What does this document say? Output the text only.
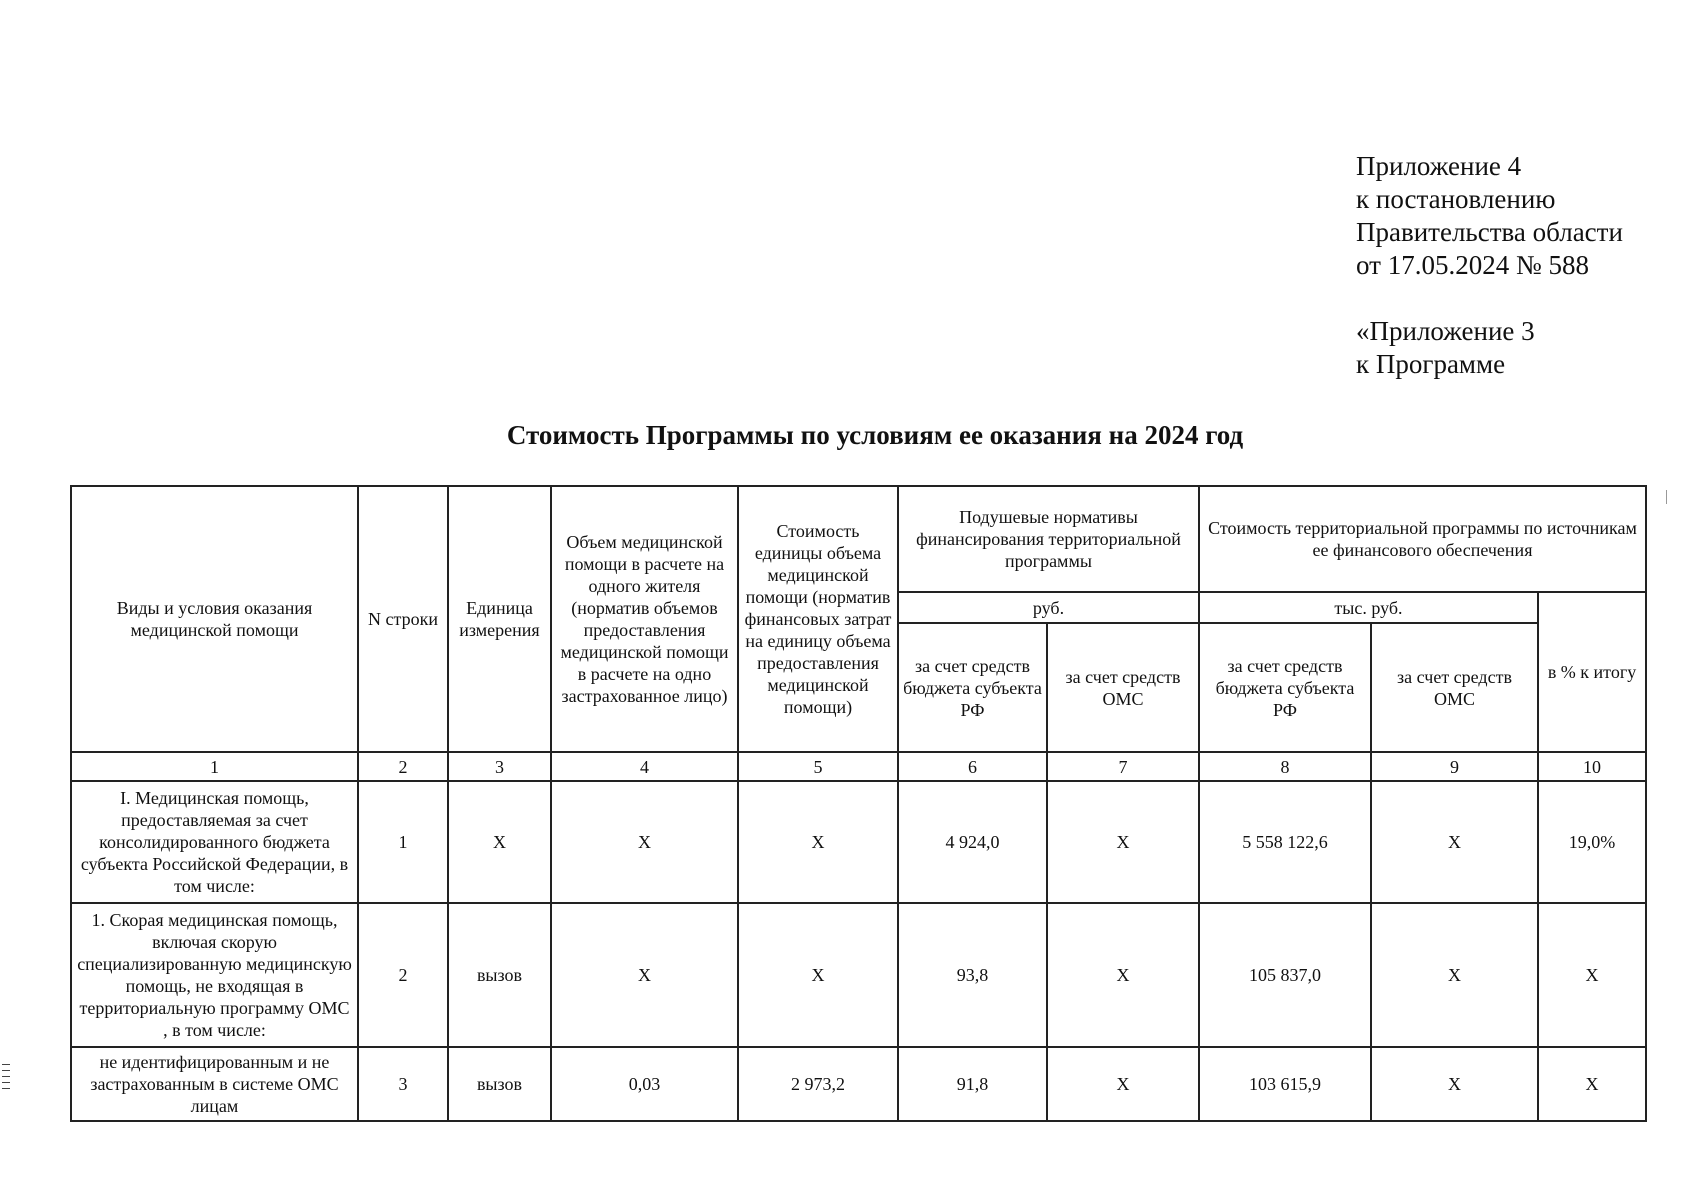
Приложение 4
к постановлению
Правительства области
от 17.05.2024 № 588
«Приложение 3
к Программе
Стоимость Программы по условиям ее оказания на 2024 год
Виды и условия оказания медицинской помощи	N строки	Единица измерения	Объем медицинской помощи в расчете на одного жителя (норматив объемов предоставления медицинской помощи в расчете на одно застрахованное лицо)	Стоимость единицы объема медицинской помощи (норматив финансовых затрат на единицу объема предоставления медицинской помощи)	Подушевые нормативы финансирования территориальной программы		Стоимость территориальной программы по источникам ее финансового обеспечения		
					руб.		тыс. руб.		в % к итогу
					за счет средств бюджета субъекта РФ	за счет средств ОМС	за счет средств бюджета субъекта РФ	за счет средств ОМС	
1	2	3	4	5	6	7	8	9	10
I. Медицинская помощь, предоставляемая за счет консолидированного бюджета субъекта Российской Федерации, в том числе:	1	X	X	X	4 924,0	X	5 558 122,6	X	19,0%
1. Скорая медицинская помощь, включая скорую специализированную медицинскую помощь, не входящая в территориальную программу ОМС , в том числе:	2	вызов	X	X	93,8	X	105 837,0	X	X
не идентифицированным и не застрахованным в системе ОМС лицам	3	вызов	0,03	2 973,2	91,8	X	103 615,9	X	X
